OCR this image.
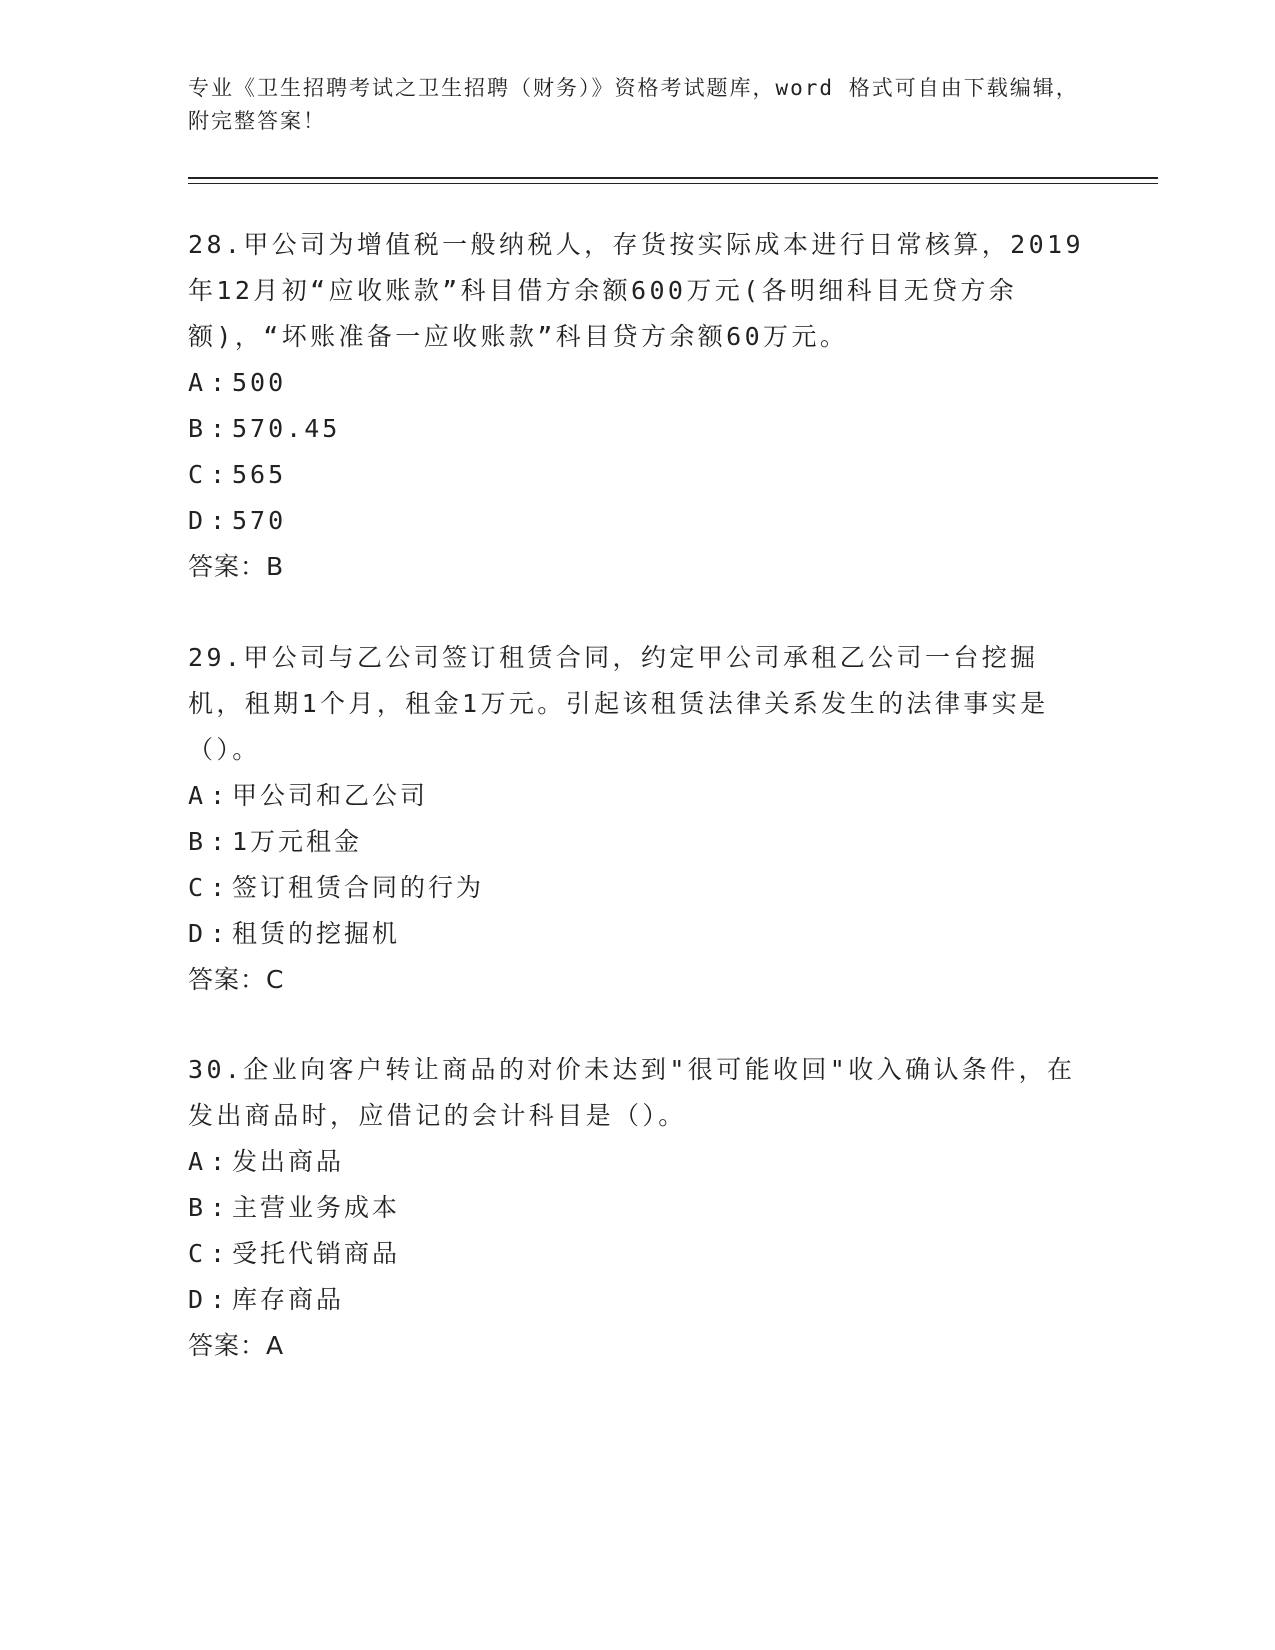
专业《卫生招聘考试之卫生招聘（财务）》资格考试题库，word 格式可自由下载编辑，附完整答案！
28.甲公司为增值税一般纳税人，存货按实际成本进行日常核算，2019年12月初“应收账款”科目借方余额600万元(各明细科目无贷方余额)，“坏账准备一应收账款”科目贷方余额60万元。
A : 500
B : 570.45
C : 565
D : 570
答案：B
29.甲公司与乙公司签订租赁合同，约定甲公司承租乙公司一台挖掘机，租期1个月，租金1万元。引起该租赁法律关系发生的法律事实是（）。
A : 甲公司和乙公司
B : 1万元租金
C : 签订租赁合同的行为
D : 租赁的挖掘机
答案：C
30.企业向客户转让商品的对价未达到"很可能收回"收入确认条件，在发出商品时，应借记的会计科目是（）。
A : 发出商品
B : 主营业务成本
C : 受托代销商品
D : 库存商品
答案：A
